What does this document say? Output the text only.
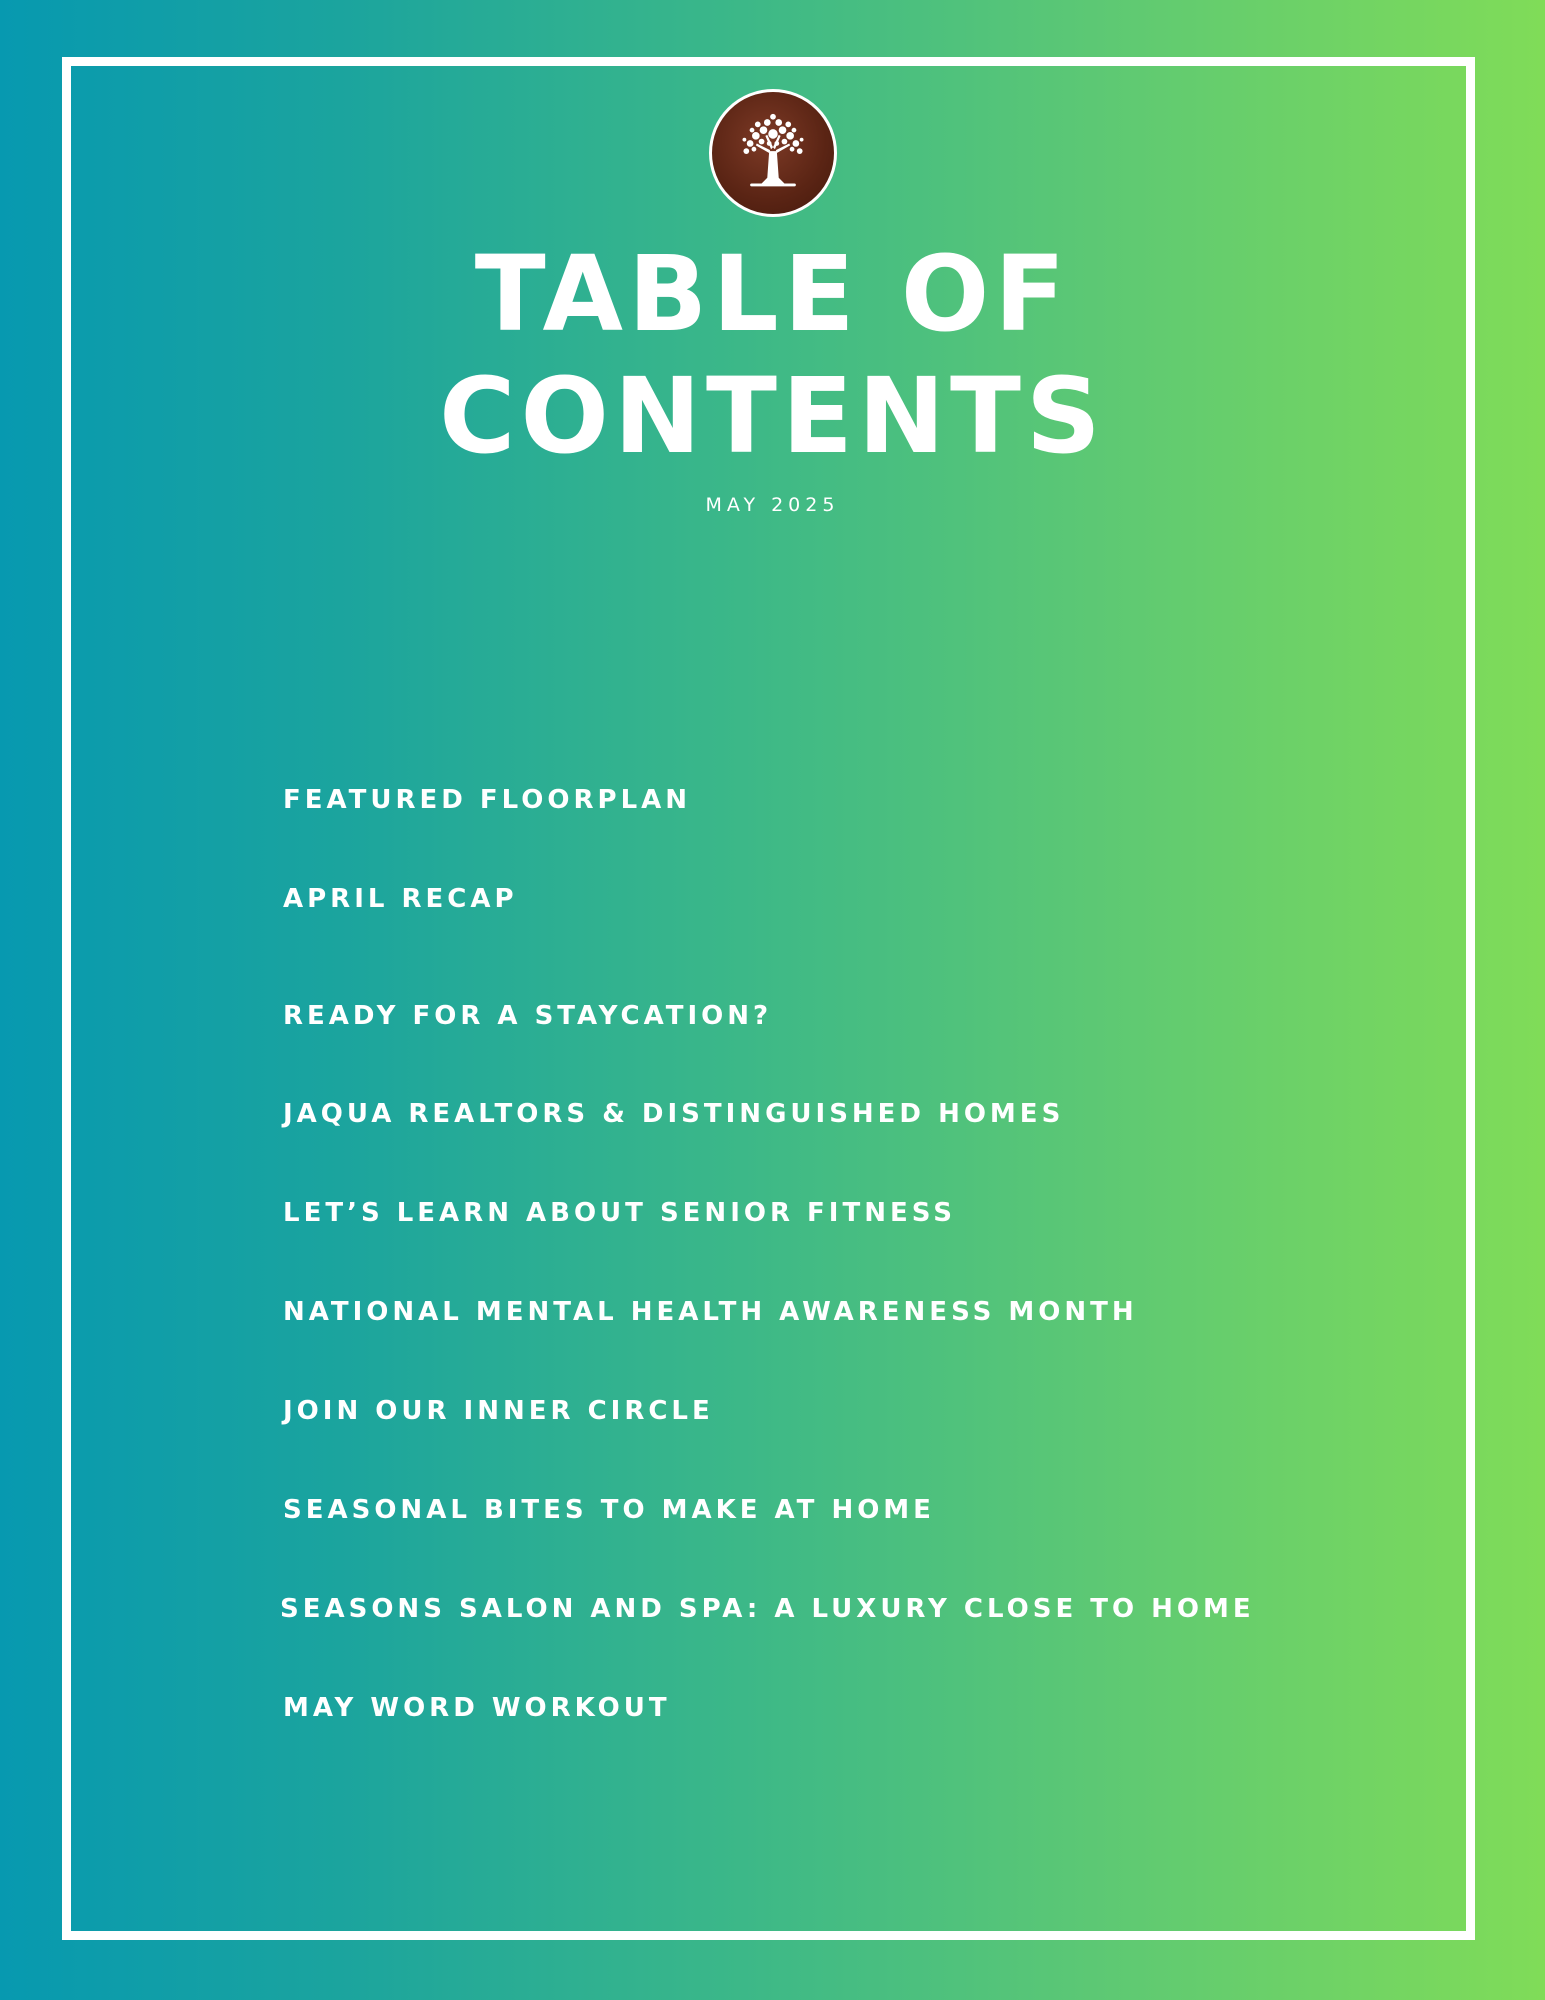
TABLE OF
CONTENTS
MAY 2025
FEATURED FLOORPLAN
APRIL RECAP
READY FOR A STAYCATION?
JAQUA REALTORS & DISTINGUISHED HOMES
LET’S LEARN ABOUT SENIOR FITNESS
NATIONAL MENTAL HEALTH AWARENESS MONTH
JOIN OUR INNER CIRCLE
SEASONAL BITES TO MAKE AT HOME
SEASONS SALON AND SPA: A LUXURY CLOSE TO HOME
MAY WORD WORKOUT
